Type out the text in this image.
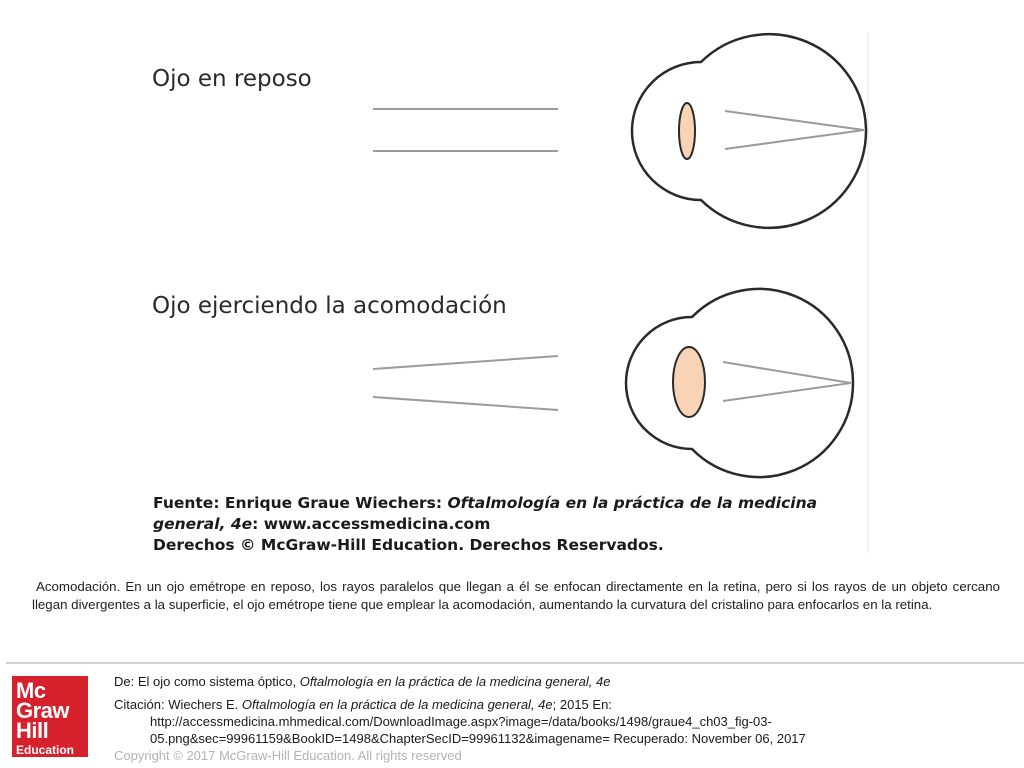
Ojo en reposo
Ojo ejerciendo la acomodación
Fuente: Enrique Graue Wiechers: Oftalmología en la práctica de la medicina
general, 4e: www.accessmedicina.com
Derechos © McGraw-Hill Education. Derechos Reservados.
Acomodación. En un ojo emétrope en reposo, los rayos paralelos que llegan a él se enfocan directamente en la retina, pero si los rayos de un objeto cercano llegan divergentes a la superficie, el ojo emétrope tiene que emplear la acomodación, aumentando la curvatura del cristalino para enfocarlos en la retina.
Mc
Graw
Hill
Education
De: El ojo como sistema óptico, Oftalmología en la práctica de la medicina general, 4e
Citación: Wiechers E. Oftalmología en la práctica de la medicina general, 4e; 2015 En:
http://accessmedicina.mhmedical.com/DownloadImage.aspx?image=/data/books/1498/graue4_ch03_fig-03-
05.png&sec=99961159&BookID=1498&ChapterSecID=99961132&imagename= Recuperado: November 06, 2017
Copyright © 2017 McGraw-Hill Education. All rights reserved
